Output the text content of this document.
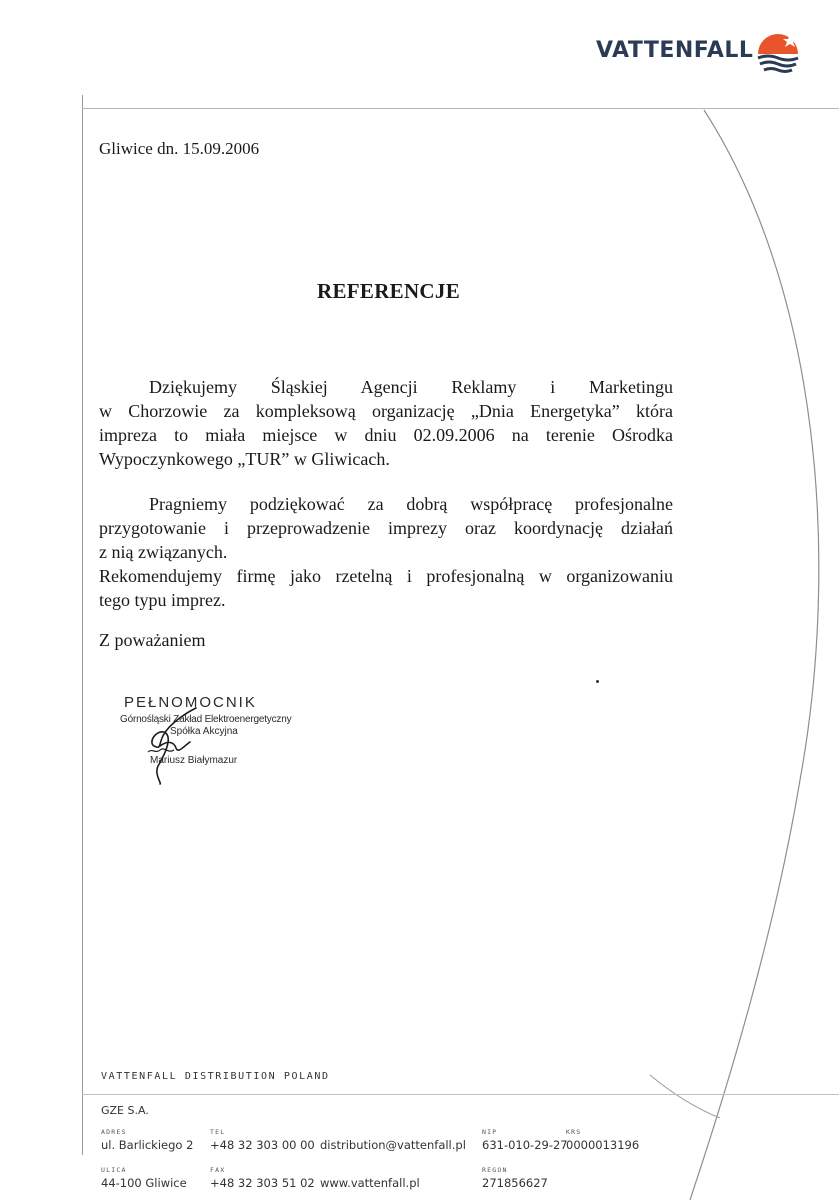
VATTENFALL
Gliwice dn. 15.09.2006
REFERENCJE
Dziękujemy Śląskiej Agencji Reklamy i Marketingu
w Chorzowie za kompleksową organizację „Dnia Energetyka” która
impreza to miała miejsce w dniu 02.09.2006 na terenie Ośrodka
Wypoczynkowego „TUR” w Gliwicach.
Pragniemy podziękować za dobrą współpracę profesjonalne
przygotowanie i przeprowadzenie imprezy oraz koordynację działań
z nią związanych.
Rekomendujemy firmę jako rzetelną i profesjonalną w organizowaniu
tego typu imprez.
Z poważaniem
PEŁNOMOCNIK
Górnośląski Zakład Elektroenergetyczny
Spółka Akcyjna
Mariusz Białymazur
VATTENFALL DISTRIBUTION POLAND
GZE S.A.
ADRES
ul. Barlickiego 2
ULICA
44-100 Gliwice
TEL
+48 32 303 00 00
FAX
+48 32 303 51 02
distribution@vattenfall.pl
www.vattenfall.pl
NIP
631-010-29-27
REGON
271856627
KRS
0000013196
